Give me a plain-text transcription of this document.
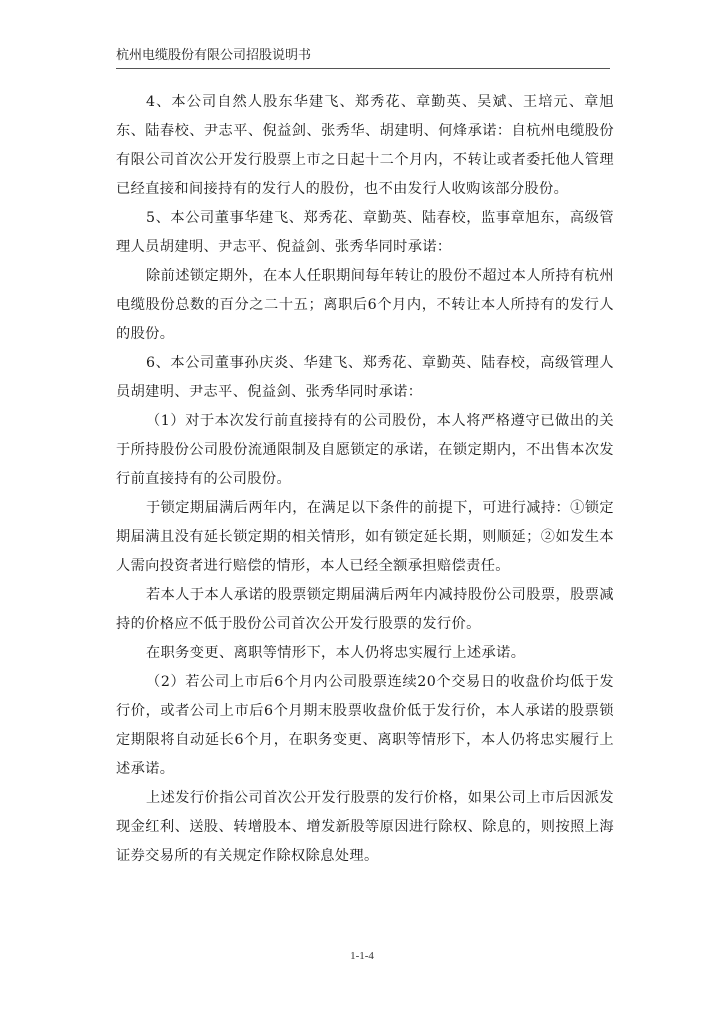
杭州电缆股份有限公司招股说明书

4、本公司自然人股东华建飞、郑秀花、章勤英、吴斌、王培元、章旭东、陆春校、尹志平、倪益剑、张秀华、胡建明、何烽承诺：自杭州电缆股份有限公司首次公开发行股票上市之日起十二个月内，不转让或者委托他人管理已经直接和间接持有的发行人的股份，也不由发行人收购该部分股份。

5、本公司董事华建飞、郑秀花、章勤英、陆春校，监事章旭东，高级管理人员胡建明、尹志平、倪益剑、张秀华同时承诺：

除前述锁定期外，在本人任职期间每年转让的股份不超过本人所持有杭州电缆股份总数的百分之二十五；离职后6个月内，不转让本人所持有的发行人的股份。

6、本公司董事孙庆炎、华建飞、郑秀花、章勤英、陆春校，高级管理人员胡建明、尹志平、倪益剑、张秀华同时承诺：

（1）对于本次发行前直接持有的公司股份，本人将严格遵守已做出的关于所持股份公司股份流通限制及自愿锁定的承诺，在锁定期内，不出售本次发行前直接持有的公司股份。

于锁定期届满后两年内，在满足以下条件的前提下，可进行减持：①锁定期届满且没有延长锁定期的相关情形，如有锁定延长期，则顺延；②如发生本人需向投资者进行赔偿的情形，本人已经全额承担赔偿责任。

若本人于本人承诺的股票锁定期届满后两年内减持股份公司股票，股票减持的价格应不低于股份公司首次公开发行股票的发行价。

在职务变更、离职等情形下，本人仍将忠实履行上述承诺。

（2）若公司上市后6个月内公司股票连续20个交易日的收盘价均低于发行价，或者公司上市后6个月期末股票收盘价低于发行价，本人承诺的股票锁定期限将自动延长6个月，在职务变更、离职等情形下，本人仍将忠实履行上述承诺。

上述发行价指公司首次公开发行股票的发行价格，如果公司上市后因派发现金红利、送股、转增股本、增发新股等原因进行除权、除息的，则按照上海证券交易所的有关规定作除权除息处理。

1-1-4
